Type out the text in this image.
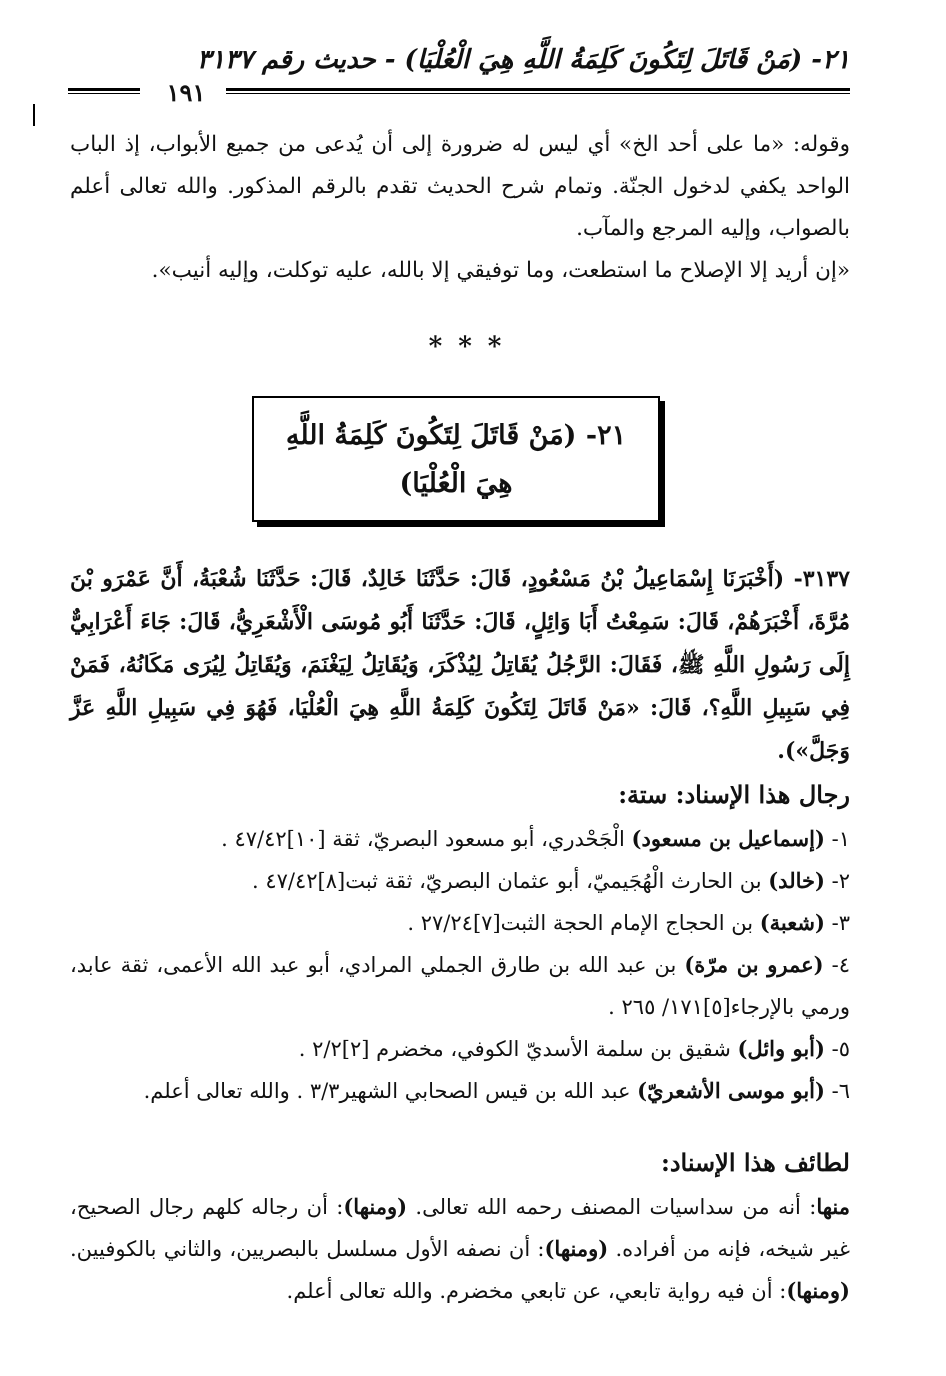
٢١- (مَنْ قَاتَلَ لِتَكُونَ كَلِمَةُ اللَّهِ هِيَ الْعُلْيَا) - حديث رقم ٣١٣٧
١٩١

وقوله: «ما على أحد الخ» أي ليس له ضرورة إلى أن يُدعى من جميع الأبواب، إذ الباب الواحد يكفي لدخول الجنّة. وتمام شرح الحديث تقدم بالرقم المذكور. والله تعالى أعلم بالصواب، وإليه المرجع والمآب.

«إن أريد إلا الإصلاح ما استطعت، وما توفيقي إلا بالله، عليه توكلت، وإليه أنيب».

***
٢١- (مَنْ قَاتَلَ لِتَكُونَ كَلِمَةُ اللَّهِ هِيَ الْعُلْيَا)

٣١٣٧- (أَخْبَرَنَا إِسْمَاعِيلُ بْنُ مَسْعُودٍ، قَالَ: حَدَّثَنَا خَالِدٌ، قَالَ: حَدَّثَنَا شُعْبَةُ، أَنَّ عَمْرَو بْنَ مُرَّةَ، أَخْبَرَهُمْ، قَالَ: سَمِعْتُ أَبَا وَائِلٍ، قَالَ: حَدَّثَنَا أَبُو مُوسَى الْأَشْعَرِيُّ، قَالَ: جَاءَ أَعْرَابِيٌّ إِلَى رَسُولِ اللَّهِ ﷺ، فَقَالَ: الرَّجُلُ يُقَاتِلُ لِيُذْكَرَ، وَيُقَاتِلُ لِيَغْنَمَ، وَيُقَاتِلُ لِيُرَى مَكَانُهُ، فَمَنْ فِي سَبِيلِ اللَّهِ؟، قَالَ: «مَنْ قَاتَلَ لِتَكُونَ كَلِمَةُ اللَّهِ هِيَ الْعُلْيَا، فَهُوَ فِي سَبِيلِ اللَّهِ عَزَّ وَجَلَّ»).

رجال هذا الإسناد: ستة:

١- (إسماعيل بن مسعود) الْجَحْدري، أبو مسعود البصريّ، ثقة [١٠]٤٧/٤٢ .

٢- (خالد) بن الحارث الْهُجَيميّ، أبو عثمان البصريّ، ثقة ثبت[٨]٤٧/٤٢ .

٣- (شعبة) بن الحجاج الإمام الحجة الثبت[٧]٢٧/٢٤ .

٤- (عمرو بن مرّة) بن عبد الله بن طارق الجملي المرادي، أبو عبد الله الأعمى، ثقة عابد، ورمي بالإرجاء[٥]١٧١/ ٢٦٥ .

٥- (أبو وائل) شقيق بن سلمة الأسديّ الكوفي، مخضرم [٢]٢/٢ .

٦- (أبو موسى الأشعريّ) عبد الله بن قيس الصحابي الشهير٣/٣ . والله تعالى أعلم.

لطائف هذا الإسناد:

منها: أنه من سداسيات المصنف رحمه الله تعالى. (ومنها): أن رجاله كلهم رجال الصحيح، غير شيخه، فإنه من أفراده. (ومنها): أن نصفه الأول مسلسل بالبصريين، والثاني بالكوفيين. (ومنها): أن فيه رواية تابعي، عن تابعي مخضرم. والله تعالى أعلم.
